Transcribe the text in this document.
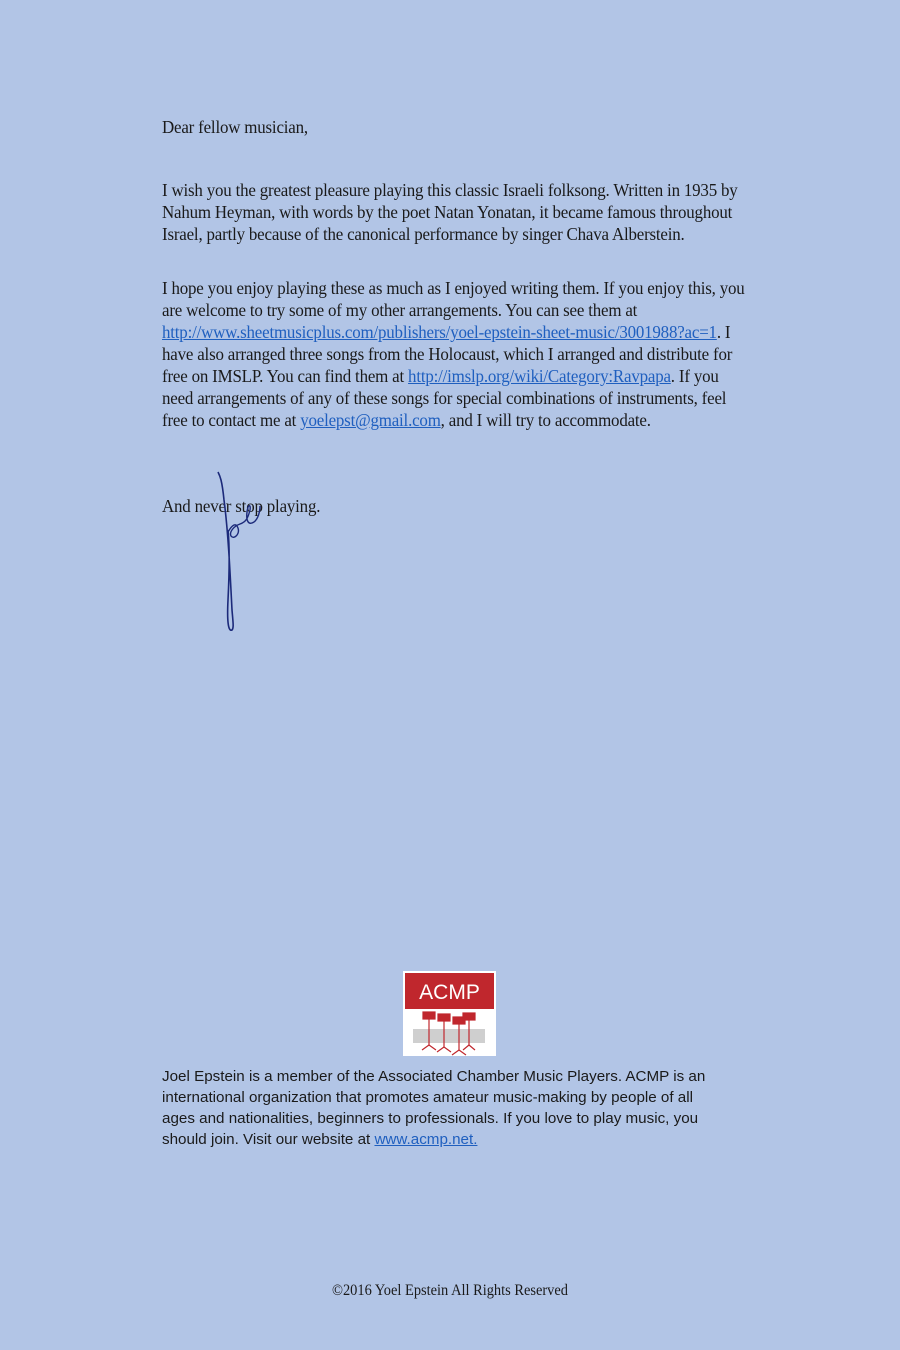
Dear fellow musician,

I wish you the greatest pleasure playing this classic Israeli folksong. Written in 1935 by Nahum Heyman, with words by the poet Natan Yonatan, it became famous throughout Israel, partly because of the canonical performance by singer Chava Alberstein.

I hope you enjoy playing these as much as I enjoyed writing them. If you enjoy this, you are welcome to try some of my other arrangements. You can see them at http://www.sheetmusicplus.com/publishers/yoel-epstein-sheet-music/3001988?ac=1. I have also arranged three songs from the Holocaust, which I arranged and distribute for free on IMSLP. You can find them at http://imslp.org/wiki/Category:Ravpapa. If you need arrangements of any of these songs for special combinations of instruments, feel free to contact me at yoelepst@gmail.com, and I will try to accommodate.

And never stop playing.

ACMP

Joel Epstein is a member of the Associated Chamber Music Players. ACMP is an international organization that promotes amateur music-making by people of all ages and nationalities, beginners to professionals. If you love to play music, you should join. Visit our website at www.acmp.net.

©2016 Yoel Epstein All Rights Reserved
